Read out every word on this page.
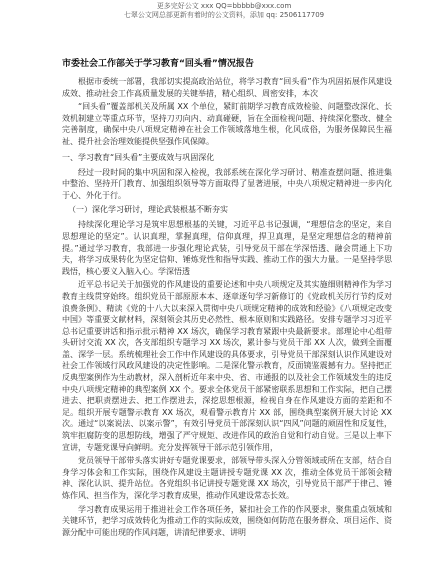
更多完好公文 xxx QQ=bbbbb@xxx.com
七翠公文网总部更新有着时的公文资料，添加 qq: 2506117709
市委社会工作部关于学习教育“回头看”情况报告

根据市委统一部署，我部切实提高政治站位，将学习教育“回头看”作为巩固拓展作风建设成效、推动社会工作高质量发展的关键举措，精心组织、周密安排，本次

“回头看”覆盖部机关及所属 XX 个单位，紧盯前期学习教育成效检验、问题整改深化、长效机制建立等重点环节，坚持刀刃向内、动真碰硬，旨在全面检视问题、持续深化整改、健全完善制度，确保中央八项规定精神在社会工作领域落地生根，化风成俗，为服务保障民生福祉、提升社会治理效能提供坚强作风保障。

一、学习教育“回头看”主要成效与巩固深化

经过一段时间的集中巩固和深入检视，我部系统在深化学习研讨、精准查摆问题、推进集中整治、坚持开门教育、加强组织领导等方面取得了显著进展，中央八项规定精神进一步内化于心、外化于行。

（一）深化学习研讨，理论武装根基不断夯实

持续深化理论学习是筑牢思想根基的关键，习近平总书记强调，“理想信念的坚定，来自思想理论的坚定”。认识真理，掌握真理，信仰真理，捍卫真理，是坚定理想信念的精神前提。”通过学习教育，我部进一步强化理论武装，引导党员干部在学深悟透、融会贯通上下功夫，将学习成果转化为坚定信仰、锤炼党性和指导实践、推动工作的强大力量。一是坚持学思践悟，核心要义入脑入心。学深悟透

近平总书记关于加强党的作风建设的重要论述和中央八项规定及其实施细则精神作为学习教育主线贯穿始终。组织党员干部原原本本、逐章逐句学习新修订的《党政机关厉行节约反对浪费条例》、精读《党的十八大以来深入贯彻中央八项规定精神的成效和经验》《八项规定改变中国》等重要文献材料，深刻领会其历史必然性、根本原则和实践路径。安排专题学习习近平总书记重要讲话和指示批示精神 XX 场次，确保学习教育紧跟中央最新要求。部理论中心组带头研讨交流 XX 次，各支部组织专题学习 XX 场次，累计参与党员干部 XX 人次，做到全面覆盖、深学一层。系统梳理社会工作中作风建设的具体要求，引导党员干部深刻认识作风建设对社会工作领域行风政风建设的决定性影响。二是深化警示教育，反面镜鉴震撼有力。坚持把正反典型案例作为生动教材，深入剖析近年来中央、省、市通报的以及社会工作领域发生的违反中央八项规定精神的典型案例 XX 个。要求全体党员干部紧密联系思想和工作实际，把自己摆进去、把职责摆进去、把工作摆进去，深挖思想根源，检视自身在作风建设方面的差距和不足。组织开展专题警示教育 XX 场次，观看警示教育片 XX 部，围绕典型案例开展大讨论 XX 次。通过“以案说法、以案示警”，有效引导党员干部深刻认识“四风”问题的顽固性和反复性，筑牢拒腐防变的思想防线，增强了严守规矩、改进作风的政治自觉和行动自觉。三是以上率下宣讲，专题党课导向鲜明。充分发挥领导干部示范引领作用，

党员领导干部带头落实讲好专题党课要求，部领导带头深入分管领域或所在支部，结合自身学习体会和工作实际，围绕作风建设主题讲授专题党课 XX 次，推动全体党员干部领会精神、深化认识、提升站位。各党组织书记讲授专题党课 XX 场次，引导党员干部严于律己、锤炼作风、担当作为，深化学习教育成果，推动作风建设常态长效。

学习教育成果运用于推进社会工作各项任务，紧扣社会工作的作风要求，聚焦重点领域和关键环节，把学习成效转化为推动工作的实际成效，围绕如何防范在服务群众、项目运作、资源分配中可能出现的作风问题，讲清纪律要求、讲明
